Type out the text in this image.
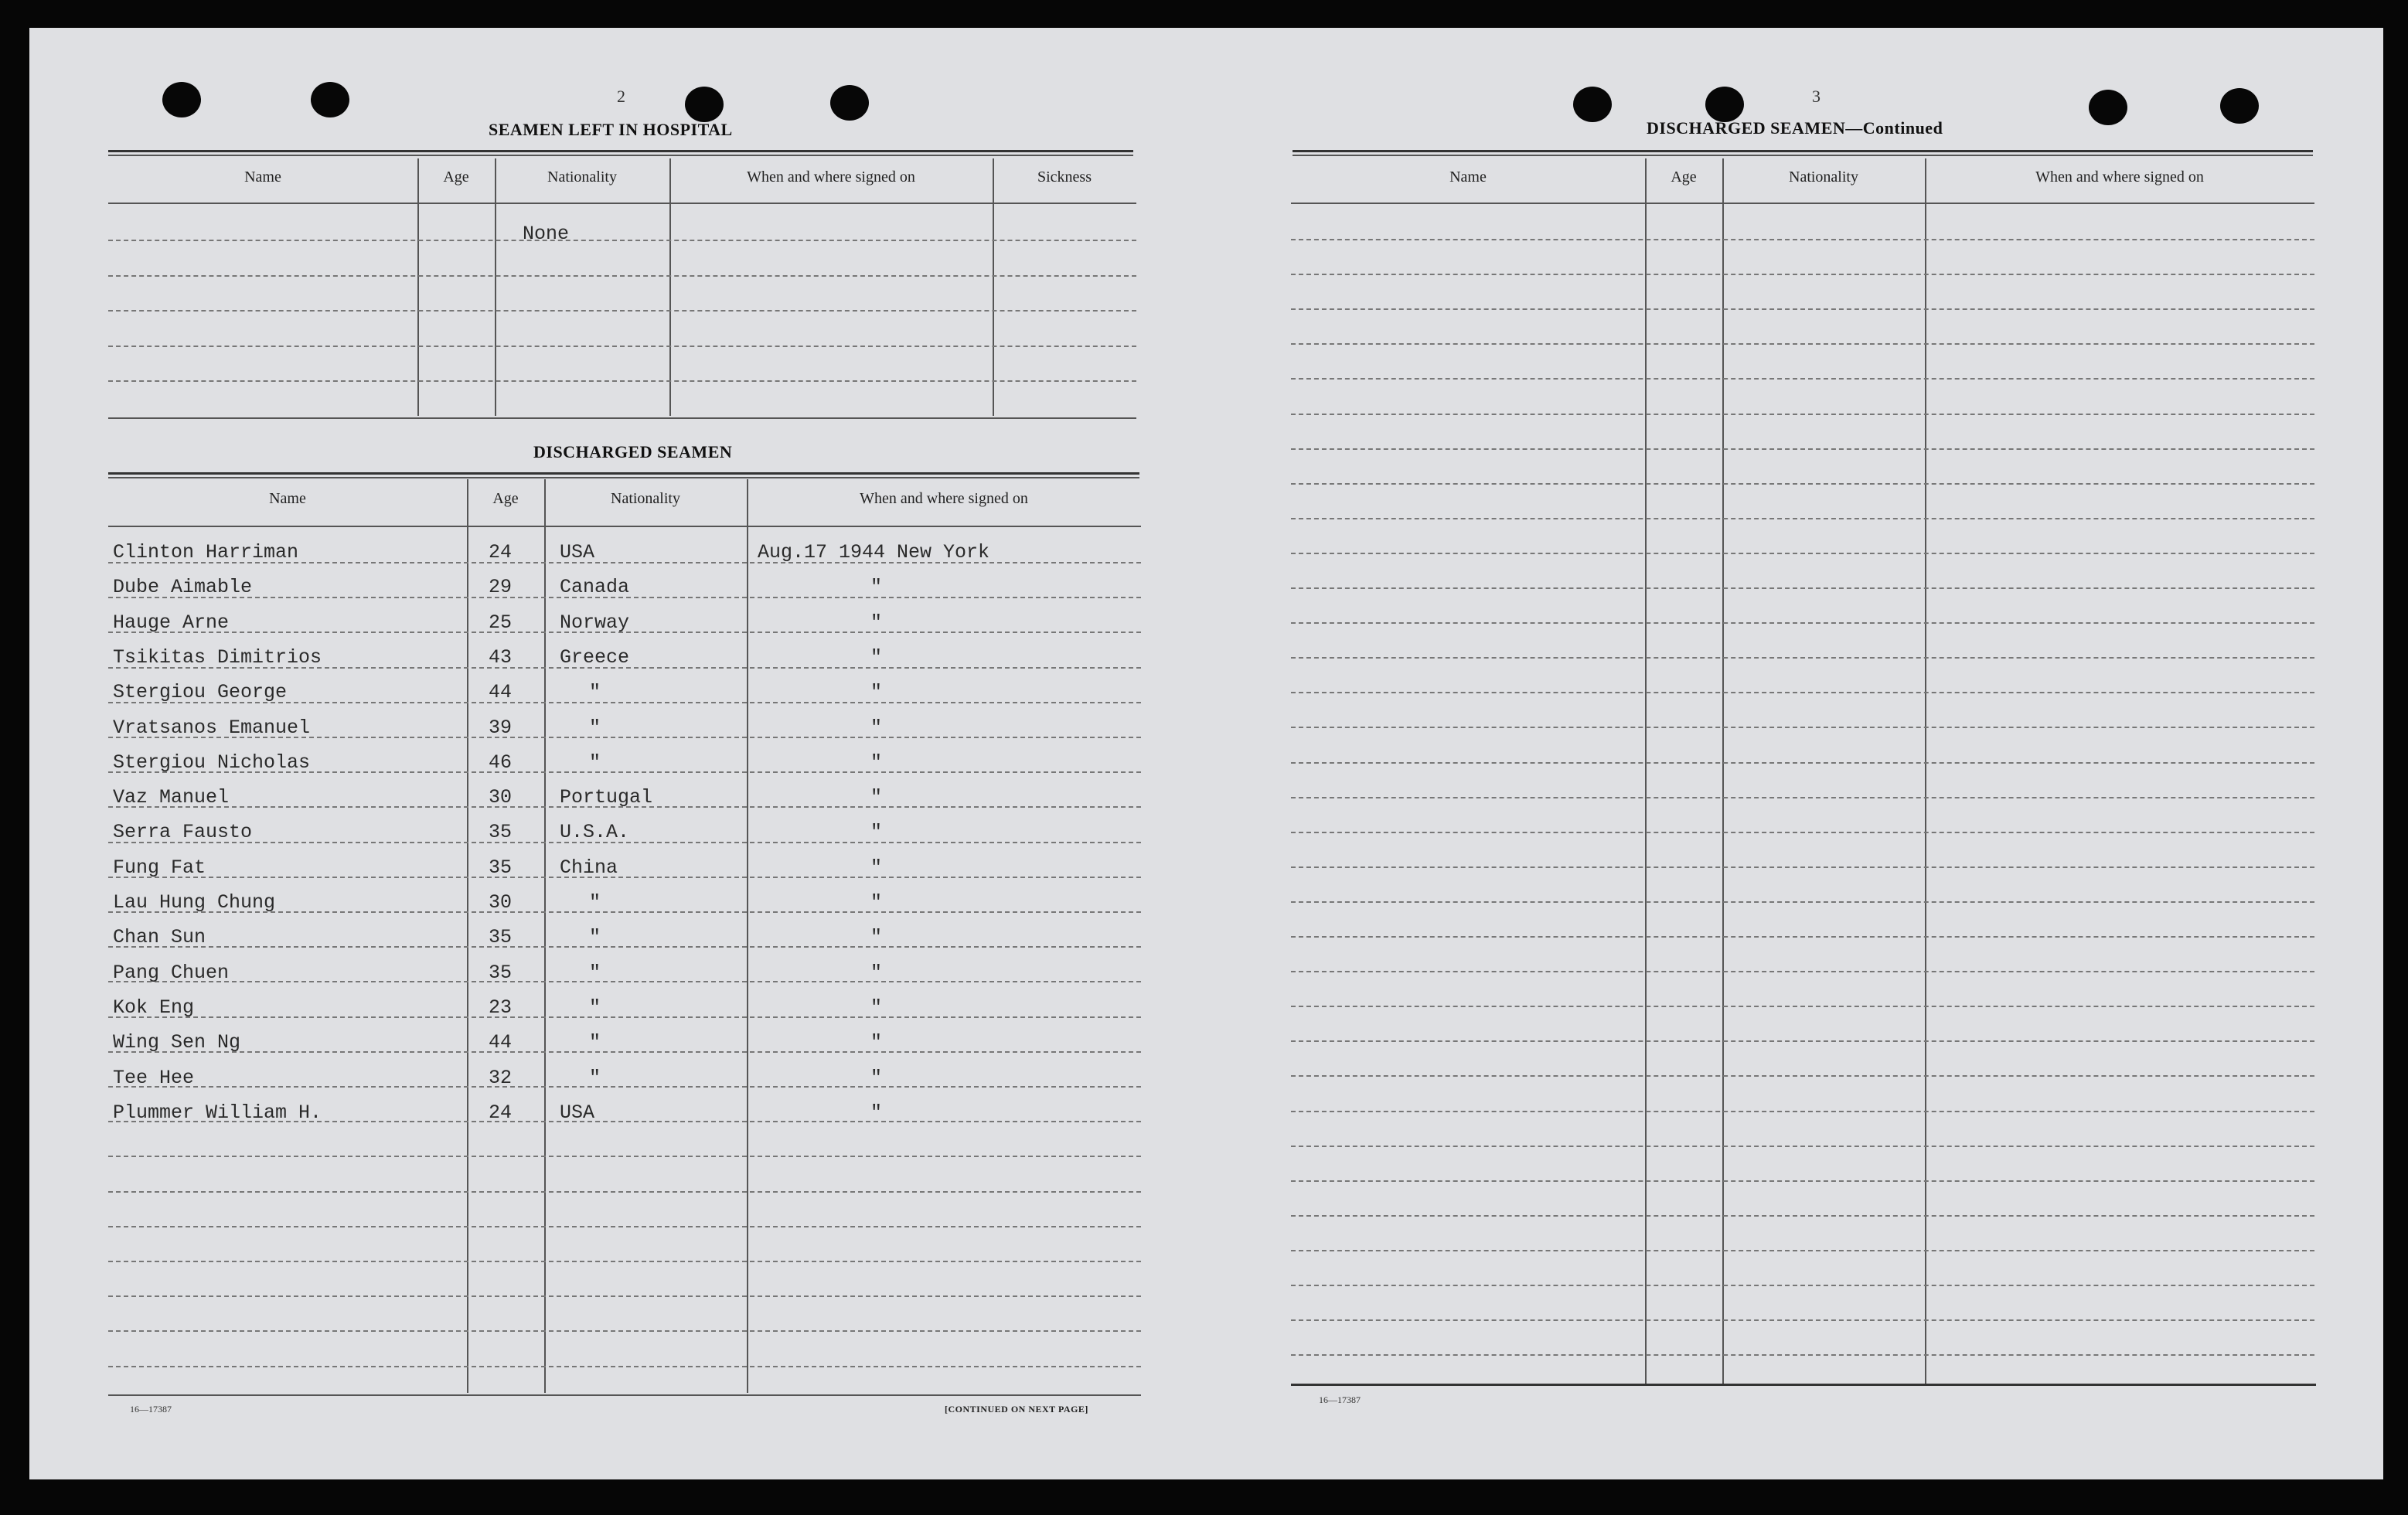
2
SEAMEN LEFT IN HOSPITAL
Name	Age	Nationality	When and where signed on	Sickness
None
DISCHARGED SEAMEN
Name	Age	Nationality	When and where signed on
Clinton Harriman	24 USA	Aug.17 1944 New York
Dube Aimable	29 Canada	"
Hauge Arne	25 Norway	"
Tsikitas Dimitrios	43 Greece	"
Stergiou George	44	"	"
Vratsanos Emanuel	39	"	"
Stergiou Nicholas	46	"	"
Vaz Manuel	30 Portugal	"
Serra Fausto	35 U.S.A.	"
Fung Fat	35 China	"
Lau Hung Chung	30	"	"
Chan Sun	35	"	"
Pang Chuen	35	"	"
Kok Eng	23	"	"
Wing Sen Ng	44	"	"
Tee Hee	32	"	"
Plummer William H.	24 USA	"
16—17387	[CONTINUED ON NEXT PAGE]
3
DISCHARGED SEAMEN—Continued
Name	Age	Nationality	When and where signed on
16—17387
